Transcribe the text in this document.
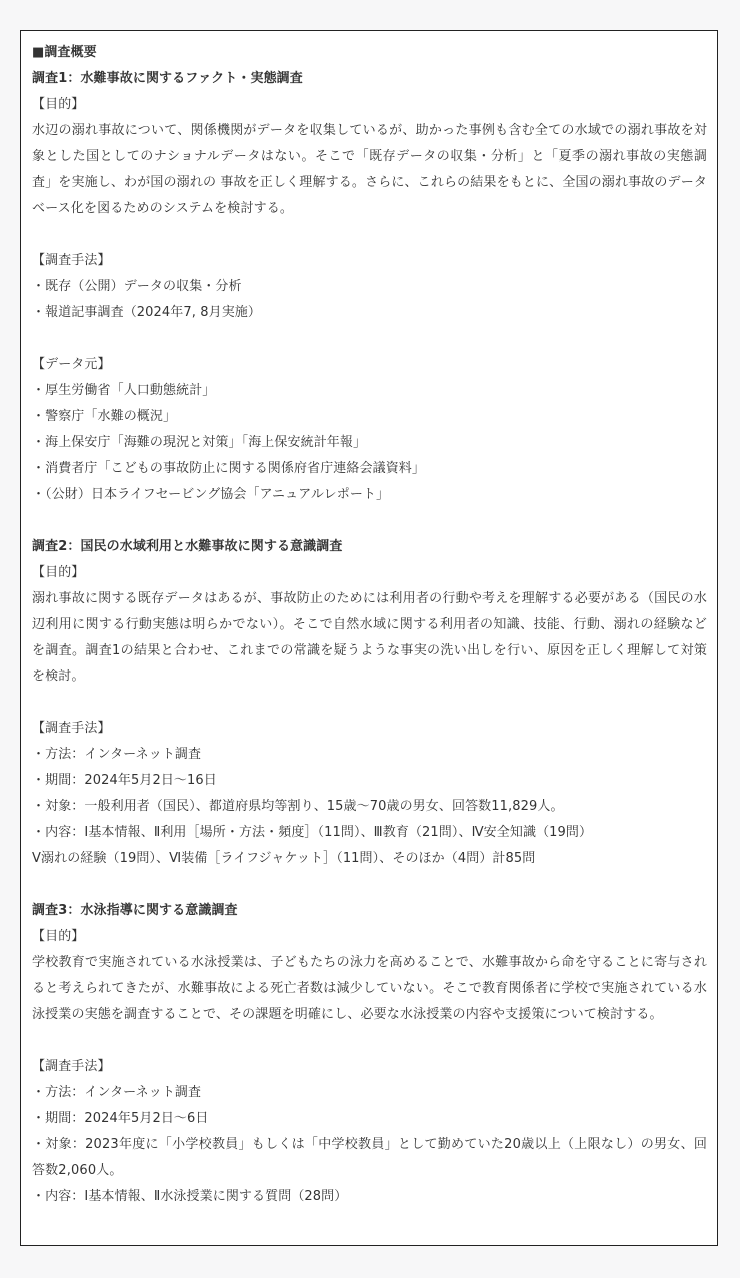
■調査概要
調査1：水難事故に関するファクト・実態調査
【目的】
水辺の溺れ事故について、関係機関がデータを収集しているが、助かった事例も含む全ての水域での溺れ事故を対象とした国としてのナショナルデータはない。そこで「既存データの収集・分析」と「夏季の溺れ事故の実態調査」を実施し、わが国の溺れの 事故を正しく理解する。さらに、これらの結果をもとに、全国の溺れ事故のデータベース化を図るためのシステムを検討する。
【調査手法】
・既存（公開）データの収集・分析
・報道記事調査（2024年7, 8月実施）
【データ元】
・厚生労働省「人口動態統計」
・警察庁「水難の概況」
・海上保安庁「海難の現況と対策」「海上保安統計年報」
・消費者庁「こどもの事故防止に関する関係府省庁連絡会議資料」
・（公財）日本ライフセービング協会「アニュアルレポート」
調査2：国民の水域利用と水難事故に関する意識調査
【目的】
溺れ事故に関する既存データはあるが、事故防止のためには利用者の行動や考えを理解する必要がある（国民の水辺利用に関する行動実態は明らかでない）。そこで自然水域に関する利用者の知識、技能、行動、溺れの経験などを調査。調査1の結果と合わせ、これまでの常識を疑うような事実の洗い出しを行い、原因を正しく理解して対策を検討。
【調査手法】
・方法：インターネット調査
・期間：2024年5月2日〜16日
・対象：一般利用者（国民）、都道府県均等割り、15歳〜70歳の男女、回答数11,829人。
・内容：Ⅰ基本情報、Ⅱ利用［場所・方法・頻度］（11問）、Ⅲ教育（21問）、Ⅳ安全知識（19問）
Ⅴ溺れの経験（19問）、Ⅵ装備［ライフジャケット］（11問）、そのほか（4問）計85問
調査3：水泳指導に関する意識調査
【目的】
学校教育で実施されている水泳授業は、子どもたちの泳力を高めることで、水難事故から命を守ることに寄与されると考えられてきたが、水難事故による死亡者数は減少していない。そこで教育関係者に学校で実施されている水泳授業の実態を調査することで、その課題を明確にし、必要な水泳授業の内容や支援策について検討する。
【調査手法】
・方法：インターネット調査
・期間：2024年5月2日〜6日
・対象：2023年度に「小学校教員」もしくは「中学校教員」として勤めていた20歳以上（上限なし）の男女、回答数2,060人。
・内容：Ⅰ基本情報、Ⅱ水泳授業に関する質問（28問）
